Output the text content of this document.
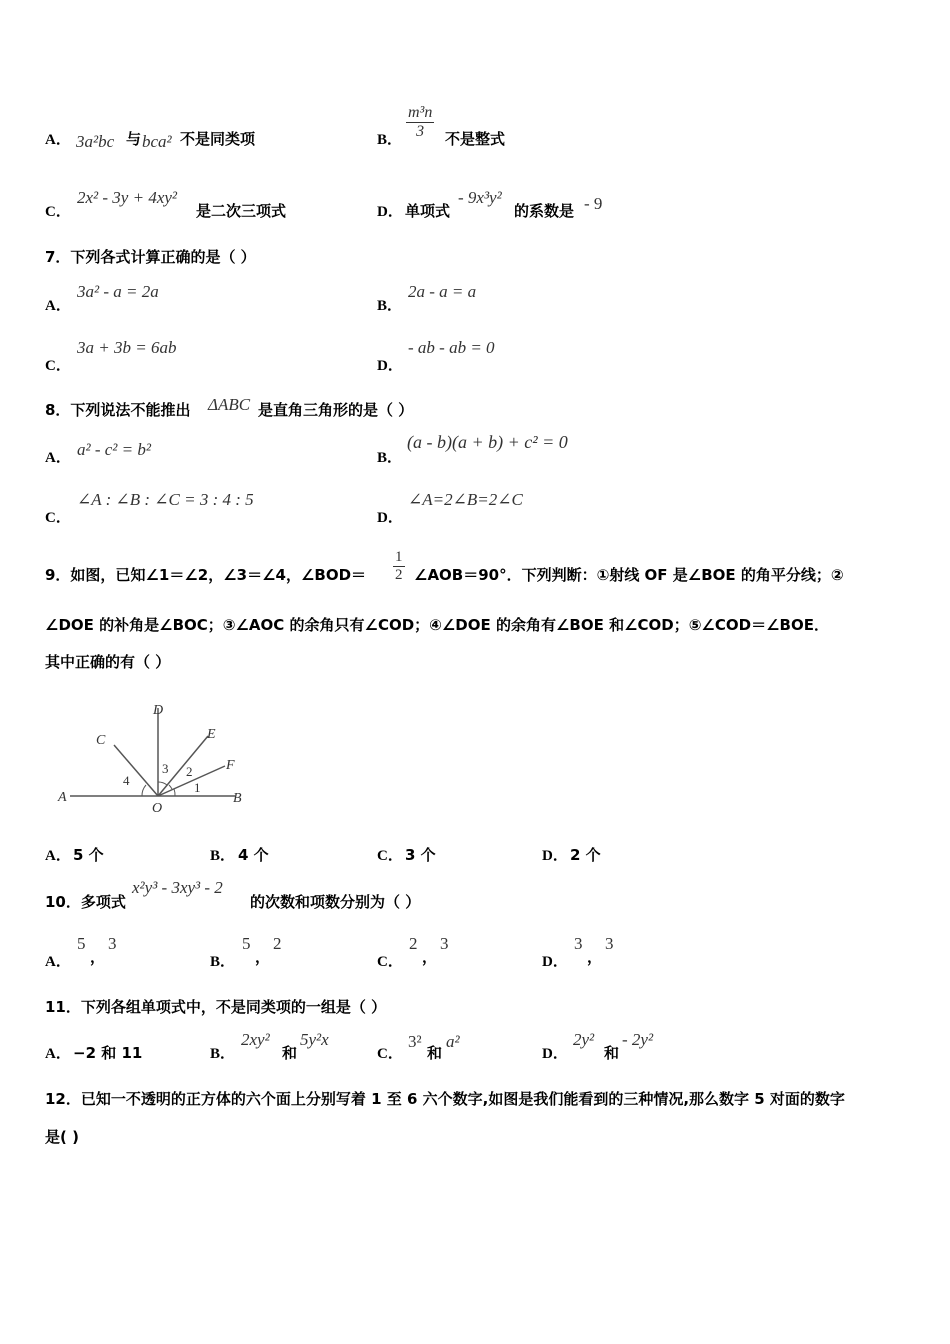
A． 3a²bc 与 bca² 不是同类项	B． $\frac{\text{m³n}}{3}$ 不是整式
C．
2x² - 3y + 4xy²
是二次三项式	D． 单项式
- 9x³y²
的系数是 - 9
7．下列各式计算正确的是（ ）
A．
3a² - a = 2a
B．
2a - a = a
C．
3a + 3b = 6ab
D．
- ab - ab = 0
8．下列说法不能推出 ΔABC 是直角三角形的是（ ）
A． a² - c² = b²	B．
(a - b)(a + b) + c² = 0
C．
∠A : ∠B : ∠C = 3 : 4 : 5
D．
∠A=2∠B=2∠C
9．如图，已知∠1＝∠2，∠3＝∠4，∠BOD＝ $\frac{1}{2}$ ∠AOB＝90°．下列判断：①射线 OF 是∠BOE 的角平分线；②
∠DOE 的补角是∠BOC；③∠AOC 的余角只有∠COD；④∠DOE 的余角有∠BOE 和∠COD；⑤∠COD＝∠BOE．
其中正确的有（ ）
A	B
C
D
E
F
O
1
2
3
4
A． 5 个	B． 4 个	C． 3 个	D． 2 个
10．多项式
x²y³ - 3xy³ - 2
的次数和项数分别为（ ）
A．
5
，
3
B．
5
，
2
C．
2
，
3
D．
3
，
3
11．下列各组单项式中，不是同类项的一组是（ ）
A． −2 和 11	B．
2xy²
和
5y²x
C．
3²
和
a²
D．
2y²
和
- 2y²
12．已知一不透明的正方体的六个面上分别写着 1 至 6 六个数字,如图是我们能看到的三种情况,那么数字 5 对面的数字
是( )
